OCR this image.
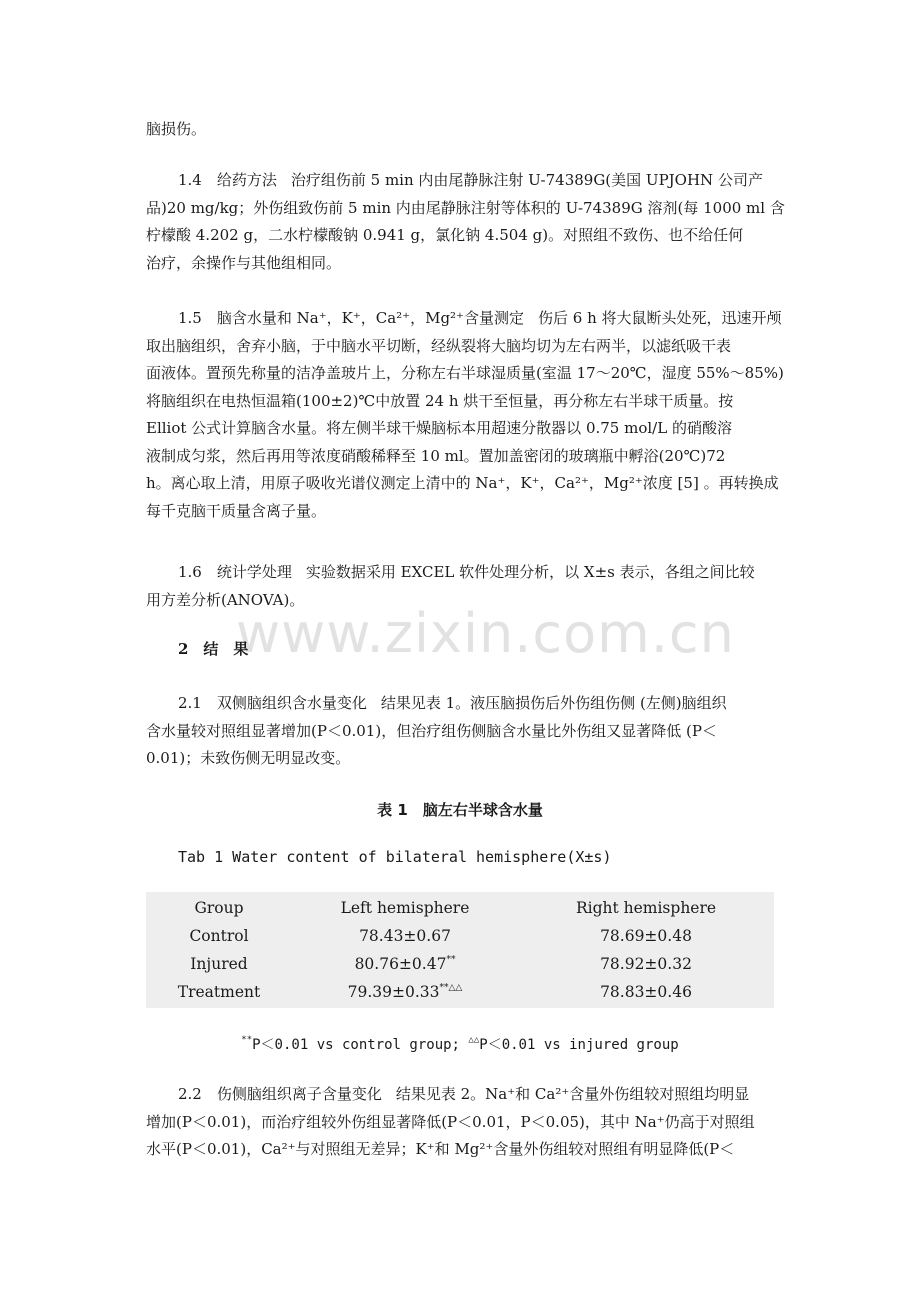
脑损伤。

1.4　给药方法 治疗组伤前 5 min 内由尾静脉注射 U-74389G(美国 UPJOHN 公司产
品)20 mg/kg；外伤组致伤前 5 min 内由尾静脉注射等体积的 U-74389G 溶剂(每 1000 ml 含
柠檬酸 4.202 g，二水柠檬酸钠 0.941 g，氯化钠 4.504 g)。对照组不致伤、也不给任何
治疗，余操作与其他组相同。

1.5　脑含水量和 Na⁺，K⁺，Ca²⁺，Mg²⁺含量测定 伤后 6 h 将大鼠断头处死，迅速开颅
取出脑组织，舍弃小脑，于中脑水平切断，经纵裂将大脑均切为左右两半，以滤纸吸干表
面液体。置预先称量的洁净盖玻片上，分称左右半球湿质量(室温 17～20℃，湿度 55%～85%)
将脑组织在电热恒温箱(100±2)℃中放置 24 h 烘干至恒量，再分称左右半球干质量。按
Elliot 公式计算脑含水量。将左侧半球干燥脑标本用超速分散器以 0.75 mol/L 的硝酸溶
液制成匀浆，然后再用等浓度硝酸稀释至 10 ml。置加盖密闭的玻璃瓶中孵浴(20℃)72
h。离心取上清，用原子吸收光谱仪测定上清中的 Na⁺，K⁺，Ca²⁺，Mg²⁺浓度 [5] 。再转换成
每千克脑干质量含离子量。

1.6　统计学处理 实验数据采用 EXCEL 软件处理分析，以 X±s 表示，各组之间比较
用方差分析(ANOVA)。

www.zixin.com.cn

2　结　果

2.1　双侧脑组织含水量变化 结果见表 1。液压脑损伤后外伤组伤侧 (左侧)脑组织
含水量较对照组显著增加(P＜0.01)，但治疗组伤侧脑含水量比外伤组又显著降低 (P＜
0.01)；未致伤侧无明显改变。

表 1　脑左右半球含水量

Tab 1 Water content of bilateral hemisphere(X±s)

Group	Left hemisphere	Right hemisphere
Control	78.43±0.67	78.69±0.48
Injured	80.76±0.47**	78.92±0.32
Treatment	79.39±0.33**△△	78.83±0.46

**P＜0.01 vs control group; △△P＜0.01 vs injured group

2.2　伤侧脑组织离子含量变化 结果见表 2。Na⁺和 Ca²⁺含量外伤组较对照组均明显
增加(P＜0.01)，而治疗组较外伤组显著降低(P＜0.01，P＜0.05)，其中 Na⁺仍高于对照组
水平(P＜0.01)，Ca²⁺与对照组无差异；K⁺和 Mg²⁺含量外伤组较对照组有明显降低(P＜
